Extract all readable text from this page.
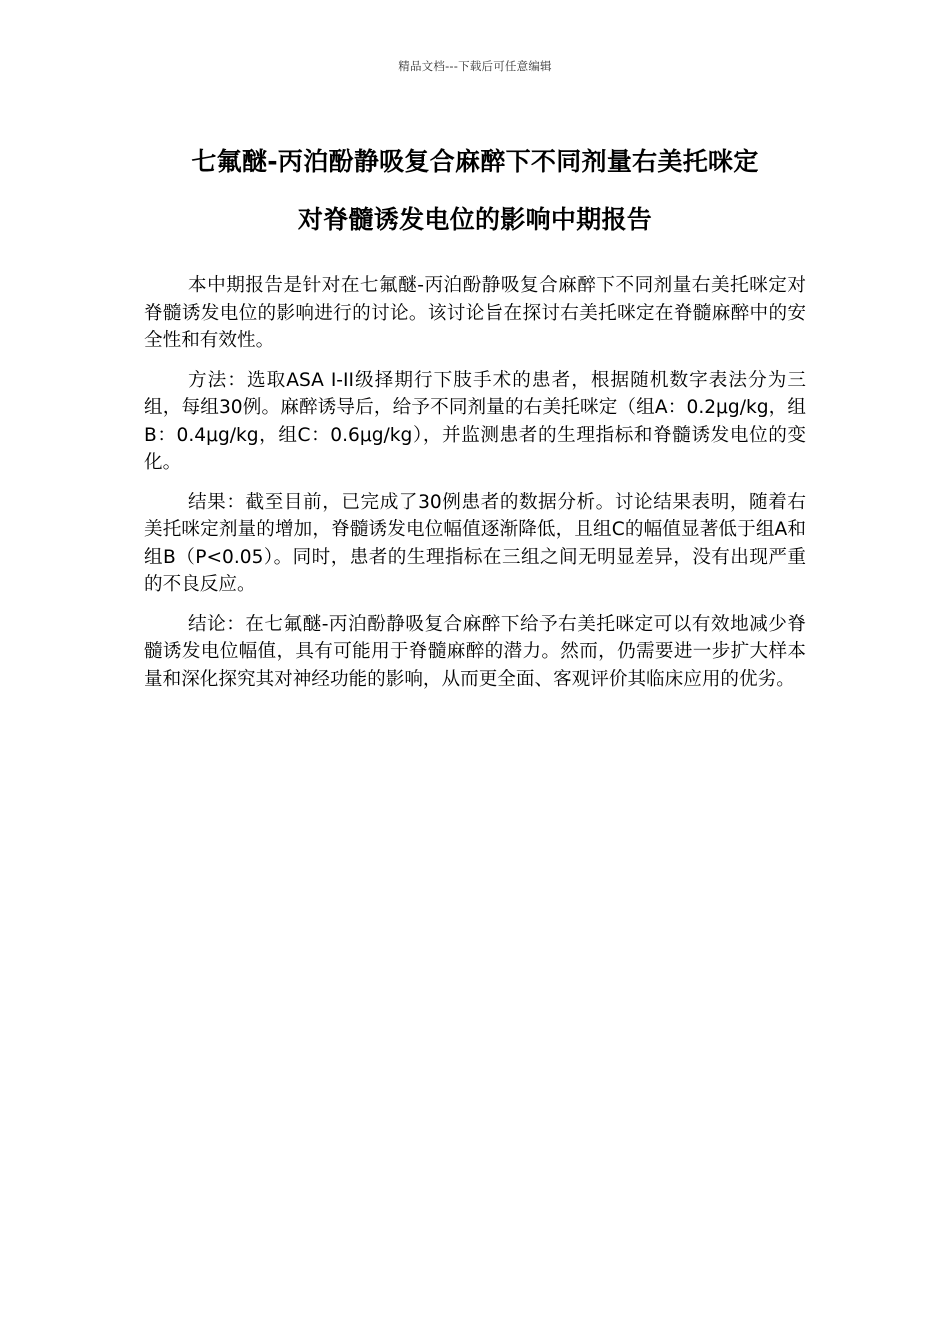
精品文档---下载后可任意编辑
七氟醚-丙泊酚静吸复合麻醉下不同剂量右美托咪定
对脊髓诱发电位的影响中期报告

本中期报告是针对在七氟醚-丙泊酚静吸复合麻醉下不同剂量右美托咪定对脊髓诱发电位的影响进行的讨论。该讨论旨在探讨右美托咪定在脊髓麻醉中的安全性和有效性。

方法：选取ASA I-II级择期行下肢手术的患者，根据随机数字表法分为三组，每组30例。麻醉诱导后，给予不同剂量的右美托咪定（组A：0.2μg/kg，组B：0.4μg/kg，组C：0.6μg/kg），并监测患者的生理指标和脊髓诱发电位的变化。

结果：截至目前，已完成了30例患者的数据分析。讨论结果表明，随着右美托咪定剂量的增加，脊髓诱发电位幅值逐渐降低，且组C的幅值显著低于组A和组B（P<0.05）。同时，患者的生理指标在三组之间无明显差异，没有出现严重的不良反应。

结论：在七氟醚-丙泊酚静吸复合麻醉下给予右美托咪定可以有效地减少脊髓诱发电位幅值，具有可能用于脊髓麻醉的潜力。然而，仍需要进一步扩大样本量和深化探究其对神经功能的影响，从而更全面、客观评价其临床应用的优劣。
